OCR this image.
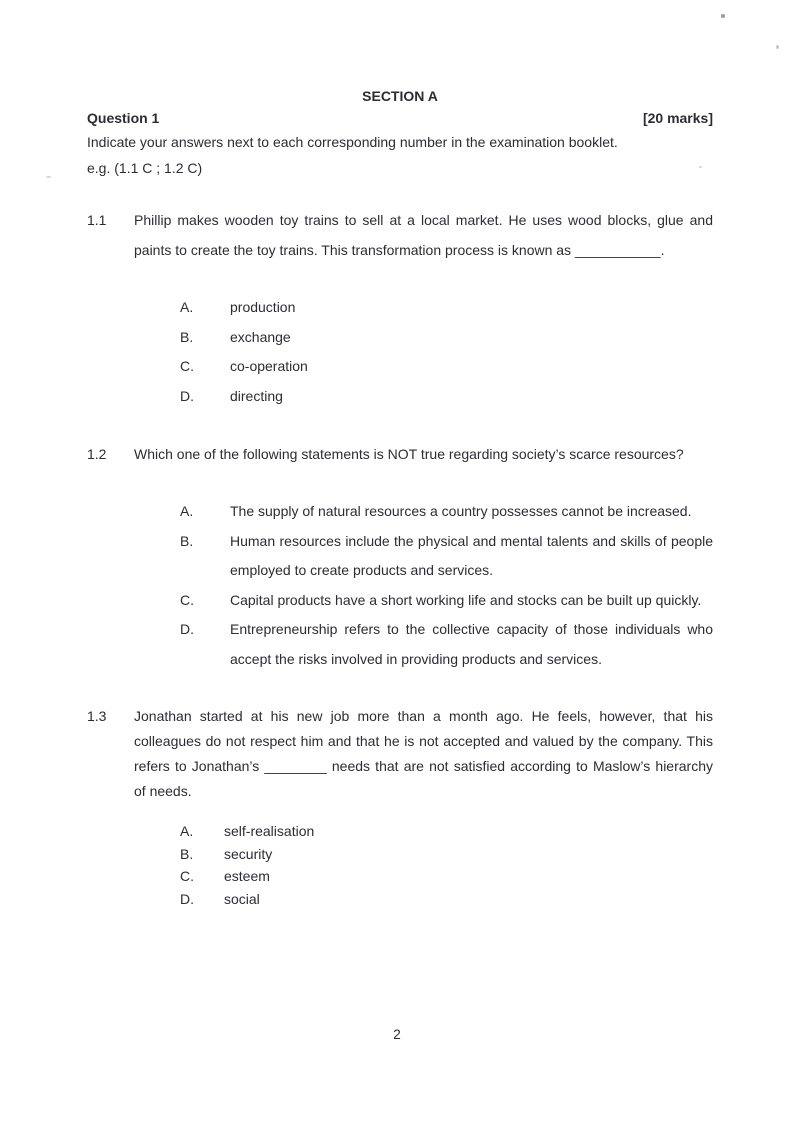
SECTION A
Question 1	[20 marks]
Indicate your answers next to each corresponding number in the examination booklet.
e.g. (1.1 C ; 1.2 C)
1.1	Phillip makes wooden toy trains to sell at a local market. He uses wood blocks, glue and paints to create the toy trains. This transformation process is known as ___________.
A.	production
B.	exchange
C.	co-operation
D.	directing
1.2	Which one of the following statements is NOT true regarding society’s scarce resources?
A.	The supply of natural resources a country possesses cannot be increased.
B.	Human resources include the physical and mental talents and skills of people employed to create products and services.
C.	Capital products have a short working life and stocks can be built up quickly.
D.	Entrepreneurship refers to the collective capacity of those individuals who accept the risks involved in providing products and services.
1.3	Jonathan started at his new job more than a month ago. He feels, however, that his colleagues do not respect him and that he is not accepted and valued by the company. This refers to Jonathan’s ________ needs that are not satisfied according to Maslow’s hierarchy of needs.
A.	self-realisation
B.	security
C.	esteem
D.	social
2
